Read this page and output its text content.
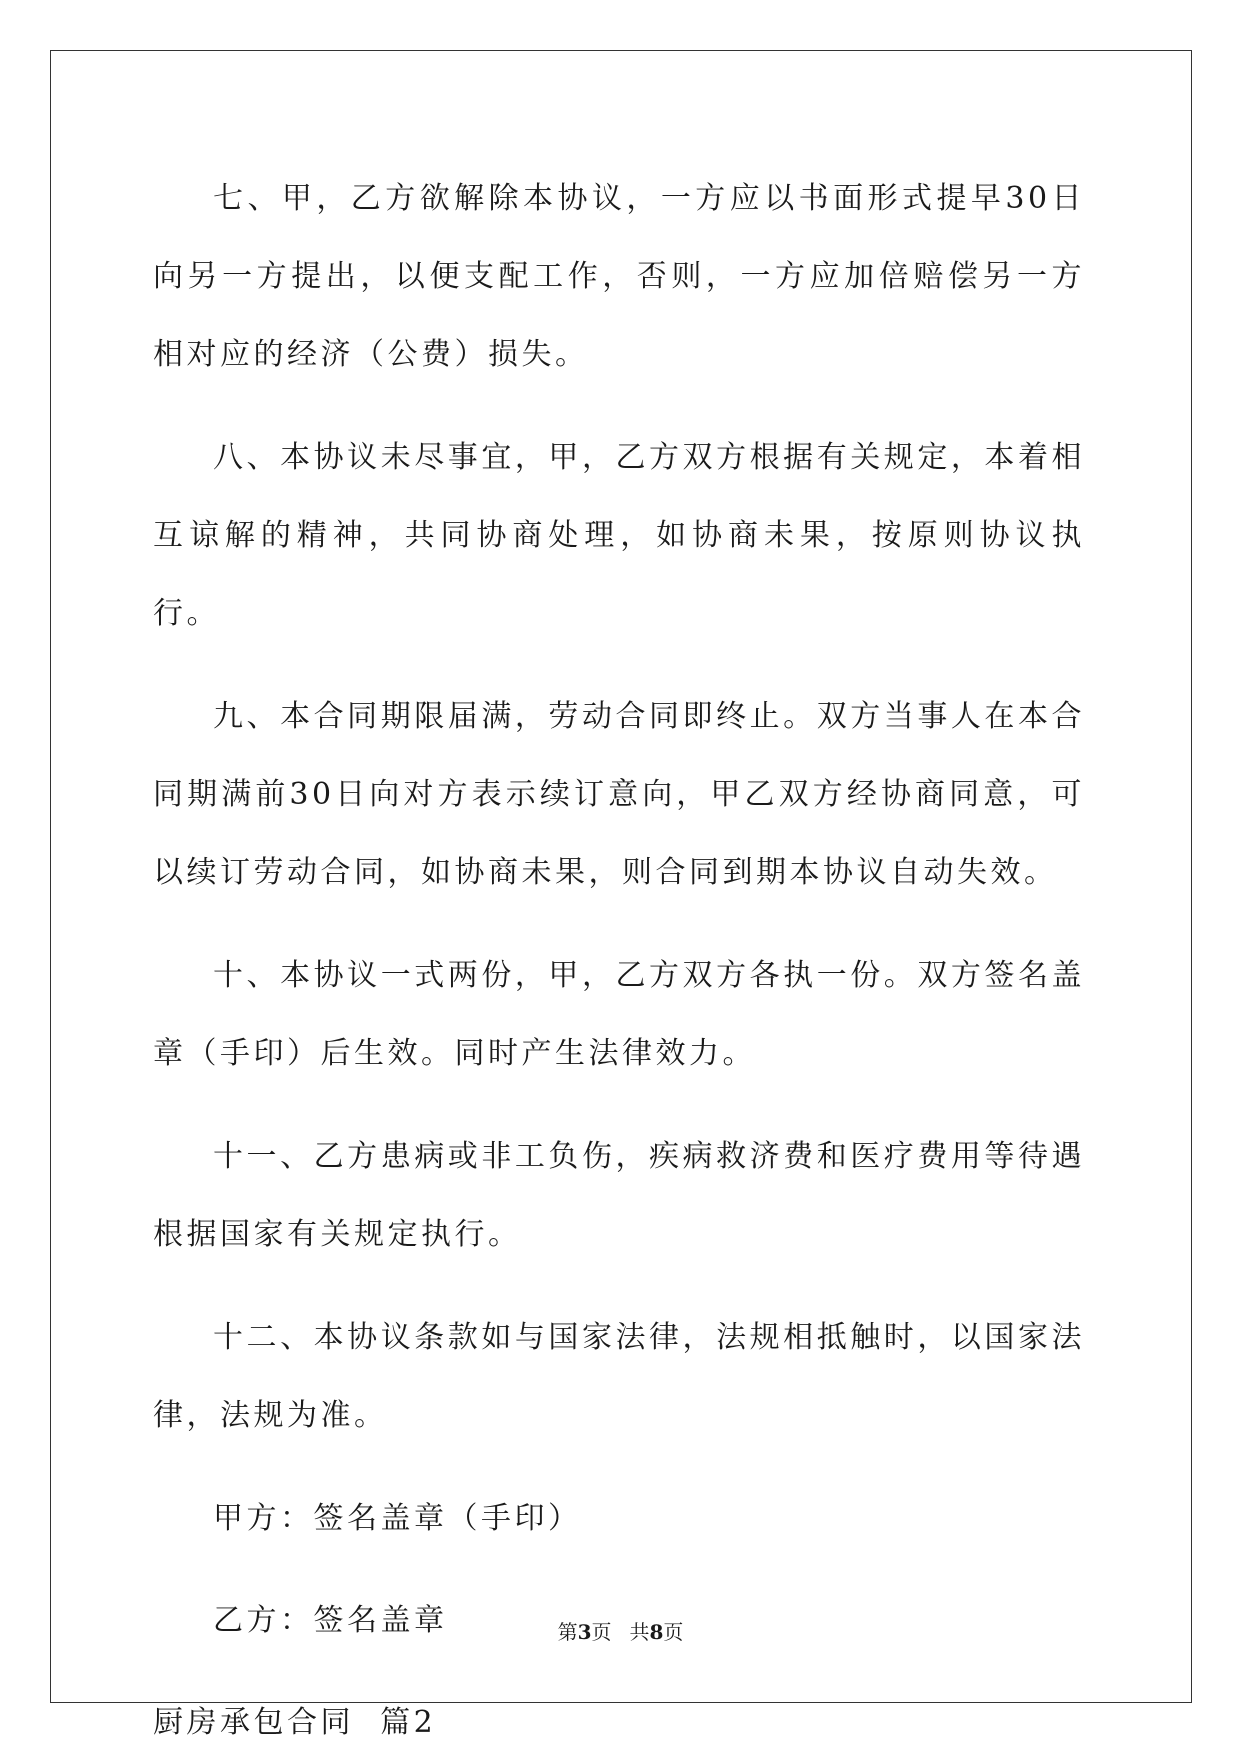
七、甲，乙方欲解除本协议，一方应以书面形式提早30日向另一方提出，以便支配工作，否则，一方应加倍赔偿另一方相对应的经济（公费）损失。

八、本协议未尽事宜，甲，乙方双方根据有关规定，本着相互谅解的精神，共同协商处理，如协商未果，按原则协议执行。

九、本合同期限届满，劳动合同即终止。双方当事人在本合同期满前30日向对方表示续订意向，甲乙双方经协商同意，可以续订劳动合同，如协商未果，则合同到期本协议自动失效。

十、本协议一式两份，甲，乙方双方各执一份。双方签名盖章（手印）后生效。同时产生法律效力。

十一、乙方患病或非工负伤，疾病救济费和医疗费用等待遇根据国家有关规定执行。

十二、本协议条款如与国家法律，法规相抵触时，以国家法律，法规为准。

甲方：签名盖章（手印）

乙方：签名盖章

厨房承包合同  篇2

第3页 共8页
